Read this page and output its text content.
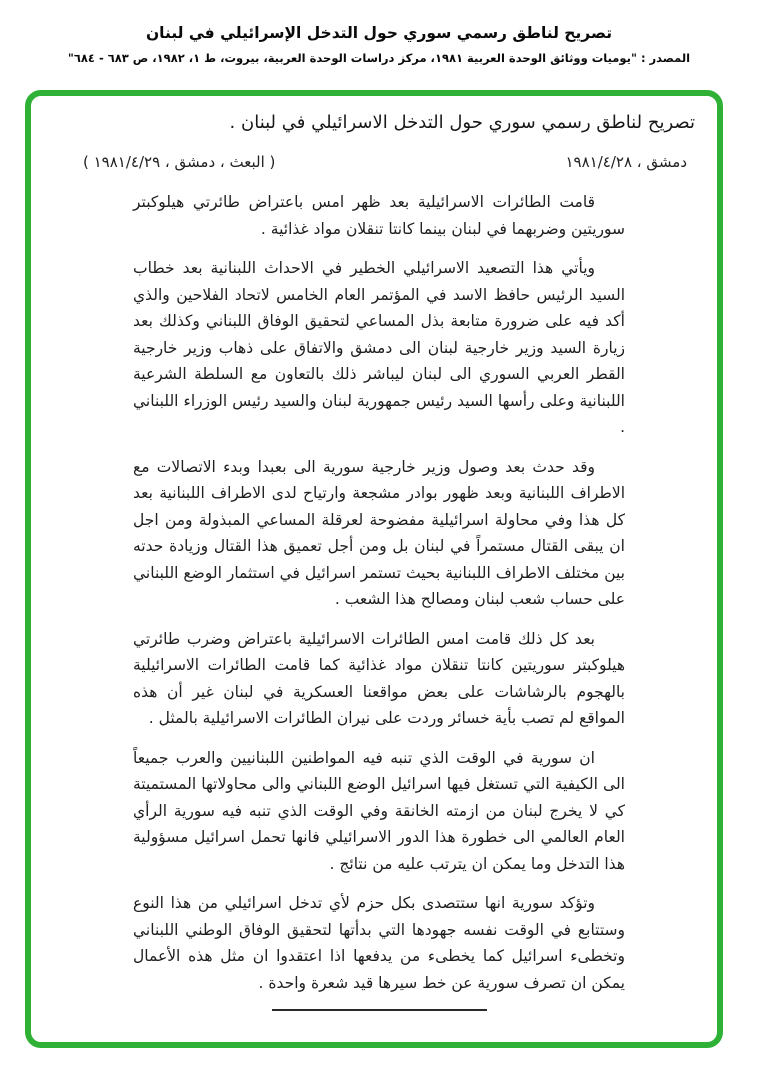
تصريح لناطق رسمي سوري حول التدخل الإسرائيلي في لبنان
المصدر : "يوميات ووثائق الوحدة العربية ١٩٨١، مركز دراسات الوحدة العربية، بيروت، ط ١، ١٩٨٢، ص ٦٨٣ - ٦٨٤"
تصريح لناطق رسمي سوري حول التدخل الاسرائيلي في لبنان .
دمشق ، ١٩٨١/٤/٢٨
( البعث ، دمشق ، ١٩٨١/٤/٢٩ )

قامت الطائرات الاسرائيلية بعد ظهر امس باعتراض طائرتي هيلوكبتر سوريتين وضربهما في لبنان بينما كانتا تنقلان مواد غذائية .

ويأتي هذا التصعيد الاسرائيلي الخطير في الاحداث اللبنانية بعد خطاب السيد الرئيس حافظ الاسد في المؤتمر العام الخامس لاتحاد الفلاحين والذي أكد فيه على ضرورة متابعة بذل المساعي لتحقيق الوفاق اللبناني وكذلك بعد زيارة السيد وزير خارجية لبنان الى دمشق والاتفاق على ذهاب وزير خارجية القطر العربي السوري الى لبنان ليباشر ذلك بالتعاون مع السلطة الشرعية اللبنانية وعلى رأسها السيد رئيس جمهورية لبنان والسيد رئيس الوزراء اللبناني .

وقد حدث بعد وصول وزير خارجية سورية الى بعبدا وبدء الاتصالات مع الاطراف اللبنانية وبعد ظهور بوادر مشجعة وارتياح لدى الاطراف اللبنانية بعد كل هذا وفي محاولة اسرائيلية مفضوحة لعرقلة المساعي المبذولة ومن اجل ان يبقى القتال مستمراً في لبنان بل ومن أجل تعميق هذا القتال وزيادة حدته بين مختلف الاطراف اللبنانية بحيث تستمر اسرائيل في استثمار الوضع اللبناني على حساب شعب لبنان ومصالح هذا الشعب .

بعد كل ذلك قامت امس الطائرات الاسرائيلية باعتراض وضرب طائرتي هيلوكبتر سوريتين كانتا تنقلان مواد غذائية كما قامت الطائرات الاسرائيلية بالهجوم بالرشاشات على بعض مواقعنا العسكرية في لبنان غير أن هذه المواقع لم تصب بأية خسائر وردت على نيران الطائرات الاسرائيلية بالمثل .

ان سورية في الوقت الذي تنبه فيه المواطنين اللبنانيين والعرب جميعاً الى الكيفية التي تستغل فيها اسرائيل الوضع اللبناني والى محاولاتها المستميتة كي لا يخرج لبنان من ازمته الخانقة وفي الوقت الذي تنبه فيه سورية الرأي العام العالمي الى خطورة هذا الدور الاسرائيلي فانها تحمل اسرائيل مسؤولية هذا التدخل وما يمكن ان يترتب عليه من نتائج .

وتؤكد سورية انها ستتصدى بكل حزم لأي تدخل اسرائيلي من هذا النوع وستتابع في الوقت نفسه جهودها التي بدأتها لتحقيق الوفاق الوطني اللبناني وتخطىء اسرائيل كما يخطىء من يدفعها اذا اعتقدوا ان مثل هذه الأعمال يمكن ان تصرف سورية عن خط سيرها قيد شعرة واحدة .
